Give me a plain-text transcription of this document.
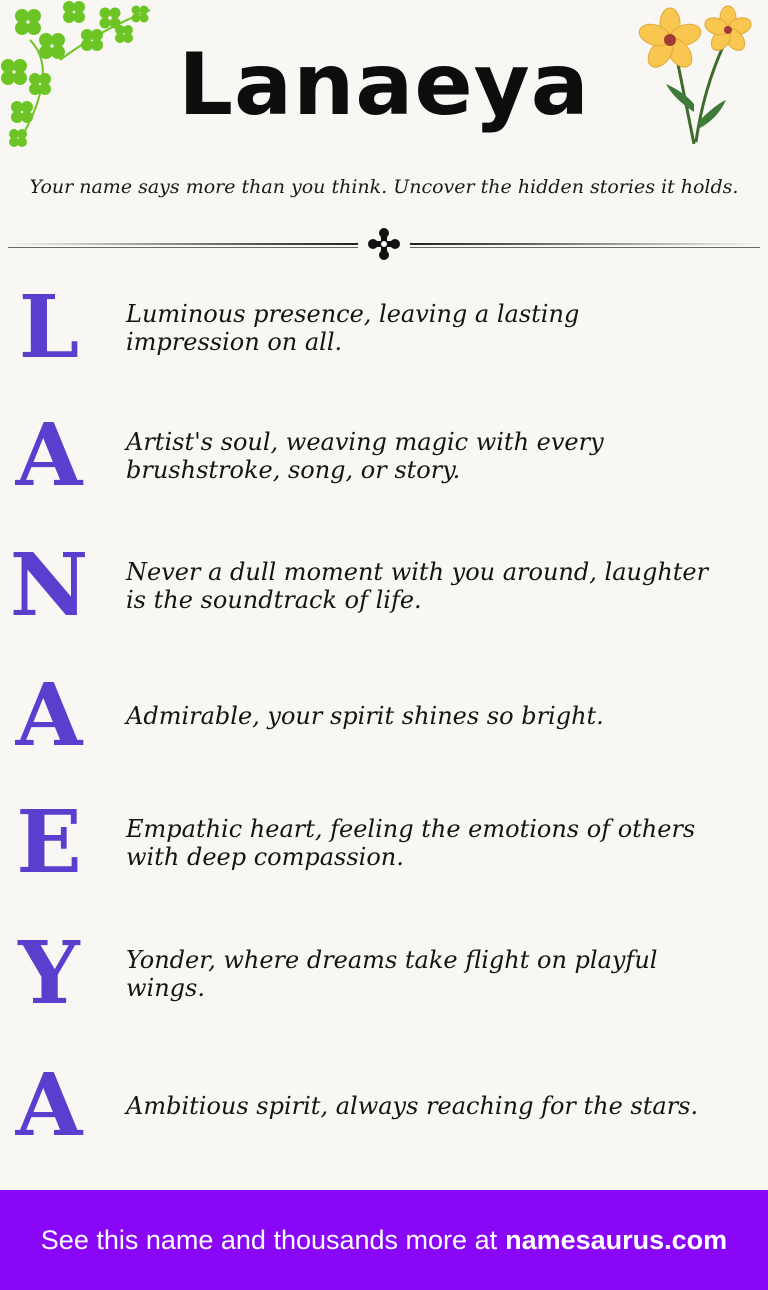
Lanaeya
Your name says more than you think. Uncover the hidden stories it holds.
L Luminous presence, leaving a lasting impression on all.
A Artist's soul, weaving magic with every brushstroke, song, or story.
N Never a dull moment with you around, laughter is the soundtrack of life.
A Admirable, your spirit shines so bright.
E Empathic heart, feeling the emotions of others with deep compassion.
Y Yonder, where dreams take flight on playful wings.
A Ambitious spirit, always reaching for the stars.
See this name and thousands more at namesaurus.com
